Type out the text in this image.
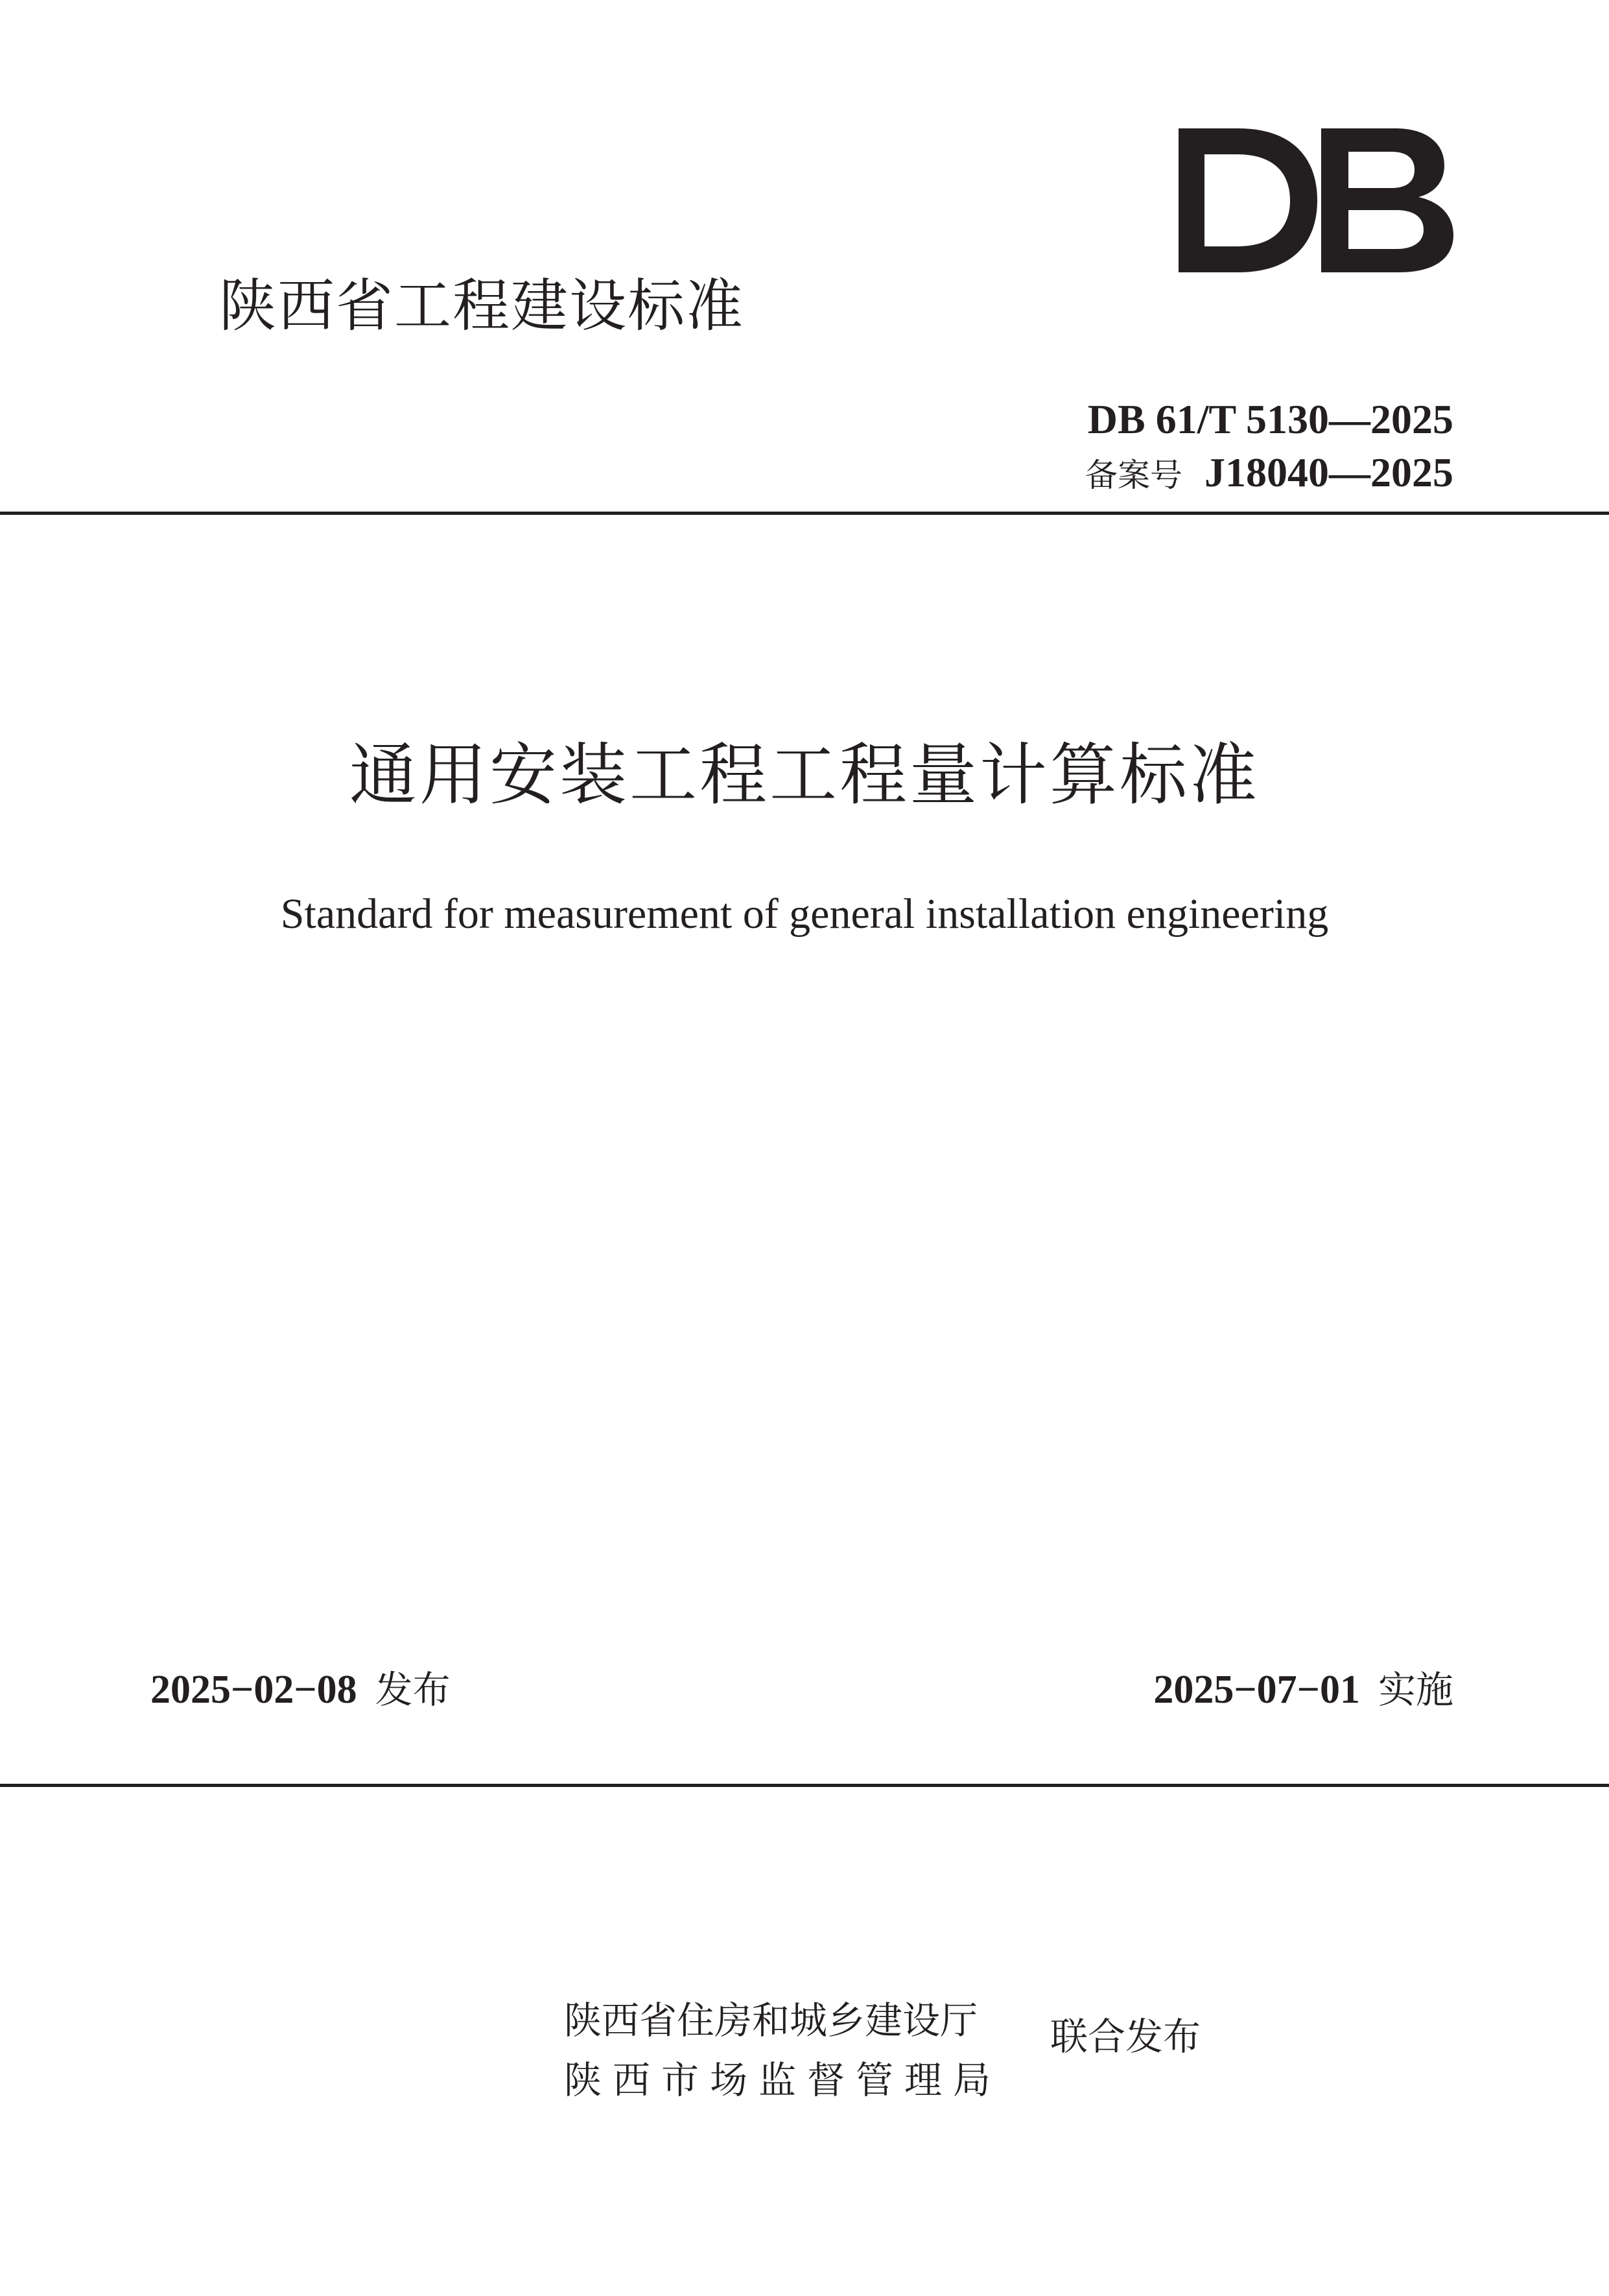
陕西省工程建设标准
DB 61/T 5130—2025
备案号 J18040—2025
通用安装工程工程量计算标准
Standard for measurement of general installation engineering
2025−02−08 发布	2025−07−01 实施
陕西省住房和城乡建设厅
陕西市场监督管理局
联合发布
